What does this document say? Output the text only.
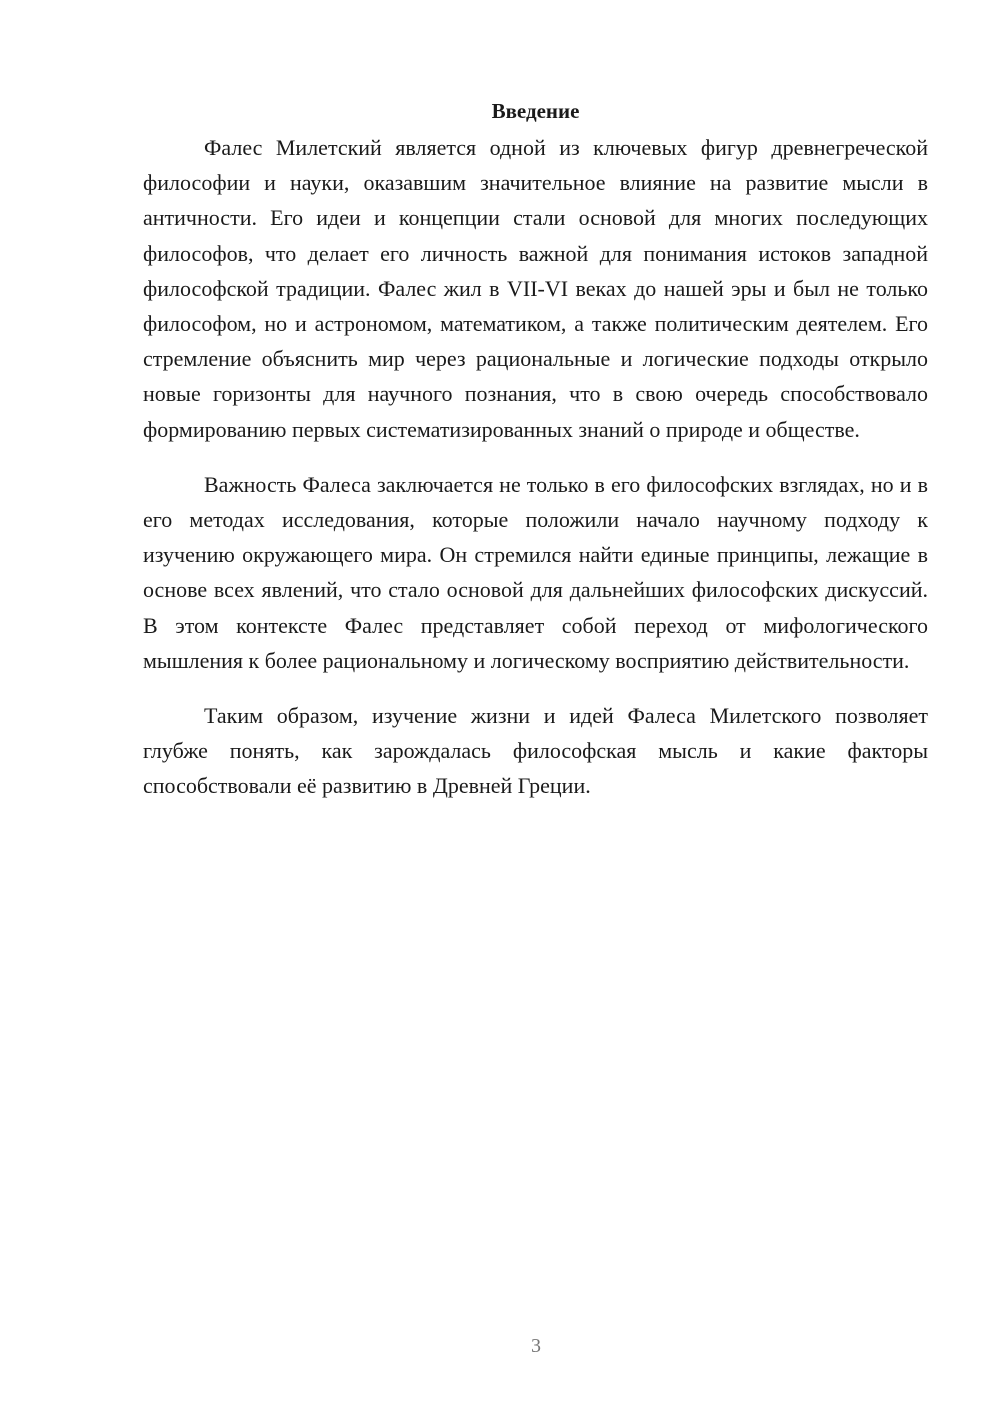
Введение

Фалес Милетский является одной из ключевых фигур древнегреческой философии и науки, оказавшим значительное влияние на развитие мысли в античности. Его идеи и концепции стали основой для многих последующих философов, что делает его личность важной для понимания истоков западной философской традиции. Фалес жил в VII-VI веках до нашей эры и был не только философом, но и астрономом, математиком, а также политическим деятелем. Его стремление объяснить мир через рациональные и логические подходы открыло новые горизонты для научного познания, что в свою очередь способствовало формированию первых систематизированных знаний о природе и обществе.

Важность Фалеса заключается не только в его философских взглядах, но и в его методах исследования, которые положили начало научному подходу к изучению окружающего мира. Он стремился найти единые принципы, лежащие в основе всех явлений, что стало основой для дальнейших философских дискуссий. В этом контексте Фалес представляет собой переход от мифологического мышления к более рациональному и логическому восприятию действительности.

Таким образом, изучение жизни и идей Фалеса Милетского позволяет глубже понять, как зарождалась философская мысль и какие факторы способствовали её развитию в Древней Греции.

3
